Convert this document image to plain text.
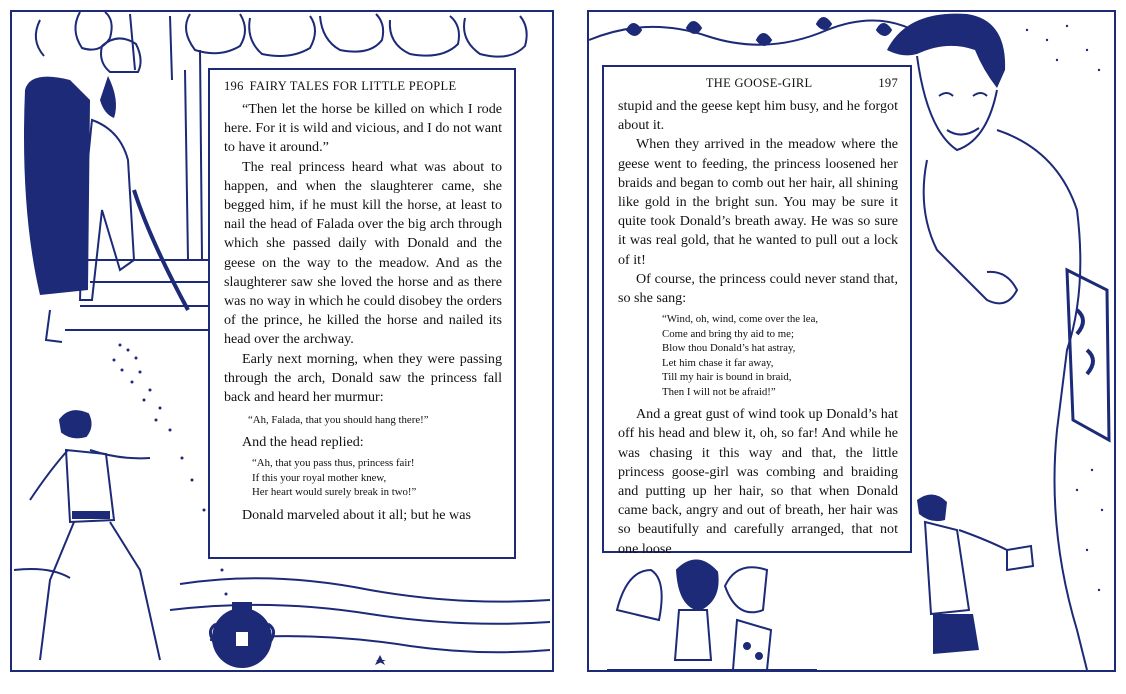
196 FAIRY TALES FOR LITTLE PEOPLE

“Then let the horse be killed on which I rode here. For it is wild and vicious, and I do not want to have it around.”

The real princess heard what was about to happen, and when the slaughterer came, she begged him, if he must kill the horse, at least to nail the head of Falada over the big arch through which she passed daily with Donald and the geese on the way to the meadow. And as the slaughterer saw she loved the horse and as there was no way in which he could disobey the orders of the prince, he killed the horse and nailed its head over the archway.

Early next morning, when they were passing through the arch, Donald saw the princess fall back and heard her murmur:

“Ah, Falada, that you should hang there!”

And the head replied:

“Ah, that you pass thus, princess fair!
If this your royal mother knew,
Her heart would surely break in two!”

Donald marveled about it all; but he was

THE GOOSE-GIRL	197

stupid and the geese kept him busy, and he forgot about it.

When they arrived in the meadow where the geese went to feeding, the princess loosened her braids and began to comb out her hair, all shining like gold in the bright sun. You may be sure it quite took Donald’s breath away. He was so sure it was real gold, that he wanted to pull out a lock of it!

Of course, the princess could never stand that, so she sang:

“Wind, oh, wind, come over the lea,
Come and bring thy aid to me;
Blow thou Donald’s hat astray,
Let him chase it far away,
Till my hair is bound in braid,
Then I will not be afraid!”

And a great gust of wind took up Donald’s hat off his head and blew it, oh, so far! And while he was chasing it this way and that, the little princess goose-girl was combing and braiding and putting up her hair, so that when Donald came back, angry and out of breath, her hair was so beautifully and carefully arranged, that not one loose
